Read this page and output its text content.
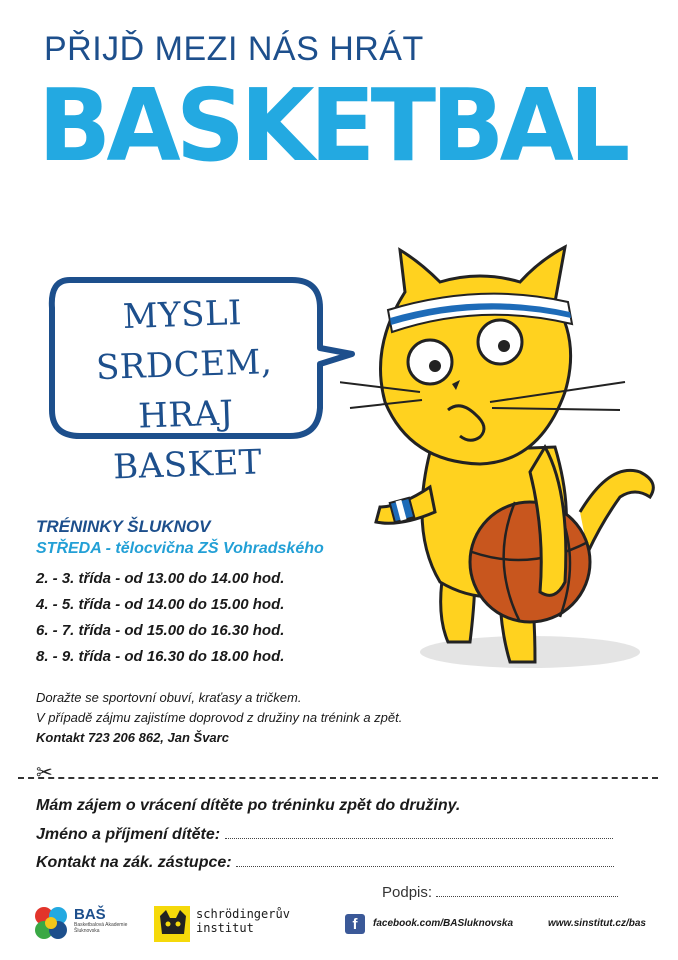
PŘIJĎ MEZI NÁS HRÁT
BASKETBAL
MYSLI SRDCEM,
HRAJ BASKET
TRÉNINKY ŠLUKNOV
STŘEDA - tělocvična ZŠ Vohradského
2. - 3. třída - od 13.00 do 14.00 hod.
4. - 5. třída - od 14.00 do 15.00 hod.
6. - 7. třída - od 15.00 do 16.30 hod.
8. - 9. třída - od 16.30 do 18.00 hod.
Doražte se sportovní obuví, kraťasy a tričkem.
V případě zájmu zajistíme doprovod z družiny na trénink a zpět.
Kontakt 723 206 862, Jan Švarc
✂
Mám zájem o vrácení dítěte po tréninku zpět do družiny.
Jméno a příjmení dítěte:
Kontakt na zák. zástupce:
Podpis:
BAŠ
Basketbalová Akademie Šluknovska
schrödingerův
institut	f	facebook.com/BASluknovska	www.sinstitut.cz/bas
